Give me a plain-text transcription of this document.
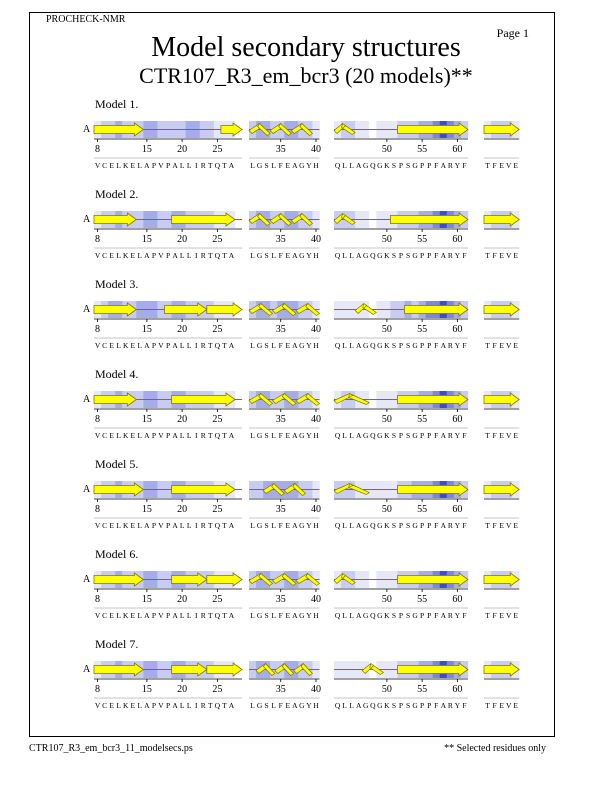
PROCHECK-NMR
Page 1
Model secondary structures
CTR107_R3_em_bcr3 (20 models)**
Model 1.
A
8	15	20	25
V C E L K E L A P V P A L L I R T Q T A
35	40
L G S L F E A G Y H
50	55	60
Q L L A G Q G K S P S G P P F A R Y F T F E V E
Model 2.
A
8	15	20	25
V C E L K E L A P V P A L L I R T Q T A
35	40
L G S L F E A G Y H
50	55	60
Q L L A G Q G K S P S G P P F A R Y F T F E V E
Model 3.
A
8	15	20	25
V C E L K E L A P V P A L L I R T Q T A
35	40
L G S L F E A G Y H
50	55	60
Q L L A G Q G K S P S G P P F A R Y F T F E V E
Model 4.
A
8	15	20	25
V C E L K E L A P V P A L L I R T Q T A
35	40
L G S L F E A G Y H
50	55	60
Q L L A G Q G K S P S G P P F A R Y F T F E V E
Model 5.
A
8	15	20	25
V C E L K E L A P V P A L L I R T Q T A
35	40
L G S L F E A G Y H
50	55	60
Q L L A G Q G K S P S G P P F A R Y F T F E V E
Model 6.
A
8	15	20	25
V C E L K E L A P V P A L L I R T Q T A
35	40
L G S L F E A G Y H
50	55	60
Q L L A G Q G K S P S G P P F A R Y F T F E V E
Model 7.
A
8	15	20	25
V C E L K E L A P V P A L L I R T Q T A
35	40
L G S L F E A G Y H
50	55	60
Q L L A G Q G K S P S G P P F A R Y F T F E V E
CTR107_R3_em_bcr3_11_modelsecs.ps	** Selected residues only
